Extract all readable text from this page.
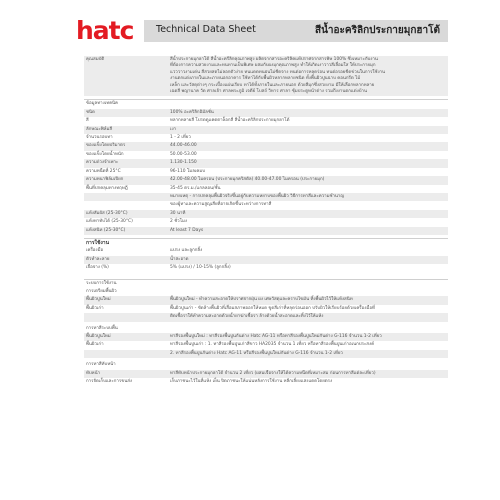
hatc Technical Data Sheet	สีน้ำอะคริลิกประกายมุกฮาโต้
คุณสมบัติ	สีน้ำประกายมุกฮาโต้ สีน้ำอะครีลิกคุณภาพสูง ผลิตจากสารอะคริลิคแท้ปราศจากสารพิษ 100% ซึ่งเหมาะกับงาน
ที่ต้องการความสวยงามและทนทานเป็นพิเศษ ผสมกับผงมุกคุณภาพสูง ทำให้เกิดเงาวาวสีเลื่อมใส ให้ประกายมุก
แวววาวงามเด่น สีสวยสดไม่ลอกตัวง่าย ทนแดดทนฝนไม่ซีดจาง ทนต่อการหลุดร่อน ทนต่อรอยขีดข่วนในการใช้งาน
งานตกแต่งภายในและภายนอกอาคาร ใช้ทาได้กับพื้นผิวหลากหลายชนิด ทั้งพื้นผิวปูนฉาบ คอนกรีต ไม้
เหล็ก และวัสดุต่างๆ กระเบื้องแผ่นเรียบ ทาได้ทั้งภายในและภายนอก ด้วยสีมุกซึ่งสวยงาม มีให้เลือกหลากหลาย
เฉดสี พญานาค วัด ศาลเจ้า ศาลพระภูมิ เจดีย์ โบสถ์ วิหาร ศาลา ซุ้มประตูหน้าต่าง รวมถึงงานตกแต่งบ้าน
ข้อมูลทางเทคนิค
ชนิด	100% อะคริลิกอิมัลชั่น
สี	หลากหลายสี โปรดดูแคตตาล็อกสี สีน้ำอะคริลิกประกายมุกฮาโต้
ลักษณะฟิล์มสี	เงา
จำนวนรอบทา	1 - 2 เที่ยว
ของแข็งโดยปริมาตร	44.00-46.00
ของแข็งโดยน้ำหนัก	50.00-53.00
ความถ่วงจำเพาะ	1.130-1.150
ความหนืดที่ 25°C	96-110 โมลเคมบ
ความหนาฟิล์มเปียก	42.00-48.00 ไมครอน (ประกายมุกคริสตัล) 40.00-47.00 ไมครอน (ประกายมุก)
พื้นที่ปกคลุมทางทฤษฎี	35-45 ตร.ม./แกลลอน/ชั้น
หมายเหตุ - การปกคลุมพื้นผิวจริงขึ้นอยู่กับความหยาบของพื้นผิว วิธีการทาสีและความชำนาญ
ของผู้ทาและความสูญเสียที่อาจเกิดขึ้นระหว่างการทาสี
แห้งสัมผัส (25-30°C)	30 นาที
แห้งทาทับได้ (25-30°C)	2 ชั่วโมง
แห้งสนิท (25-30°C)	At least 7 Days
การใช้งาน
เครื่องมือ	แปรง และลูกกลิ้ง
ตัวทำละลาย	น้ำสะอาด
เจือจาง (%)	5% (แปรง) / 10-15% (ลูกกลิ้ง)
ระบบการใช้งาน
การเตรียมพื้นผิว
พื้นผิวปูนใหม่	พื้นผิวปูนใหม่ - ทำความสะอาดให้ปราศจากฝุ่น ผง เศษวัสดุและคราบไขมัน ทิ้งพื้นผิวไว้ให้แห้งสนิท
พื้นผิวเก่า	พื้นผิวปูนเก่า - ขัดล้างพื้นผิวที่เสื่อมสภาพออกให้หมด ขูดสีเก่าที่หลุดร่อนออก ปรับผิวให้เรียบร้อยด้วยเครื่องมือที่
ติดเชื้อราให้ทำความสะอาดด้วยน้ำยาฆ่าเชื้อรา ล้างด้วยน้ำสะอาดและทิ้งไว้ให้แห้ง
การทาสีระบบพื้น
พื้นผิวปูนใหม่	ทาสีรองพื้นปูนใหม่ : ทาสีรองพื้นปูนกันด่าง Hatc AG-11 หรือทาสีรองพื้นปูนใหม่กันด่าง G-116 จำนวน 1-2 เที่ยว
พื้นผิวเก่า	ทาสีรองพื้นปูนเก่า : 1. ทาสีรองพื้นปูนเก่าสีขาว HA2035 จำนวน 1 เที่ยว หรือทาสีรองพื้นปูนเก่าอเนกประสงค์
2. ทาสีรองพื้นปูนกันด่าง Hatc AG-11 หรือสีรองพื้นปูนใหม่กันด่าง G-116 จำนวน 1-2 เที่ยว
การทาสีทับหน้า
ทับหน้า	ทาสีทับหน้าประกายมุกฮาโต้ จำนวน 2 เที่ยว (ผสมเจือจางให้ได้ความหนืดที่เหมาะสม ก่อนการทาสีแต่ละเที่ยว)
การจัดเก็บและการขนส่ง	เก็บภาชนะไว้ในที่แห้ง เย็น ปิดภาชนะให้แน่นหลังการใช้งาน หลีกเลี่ยงแสงแดดโดยตรง
